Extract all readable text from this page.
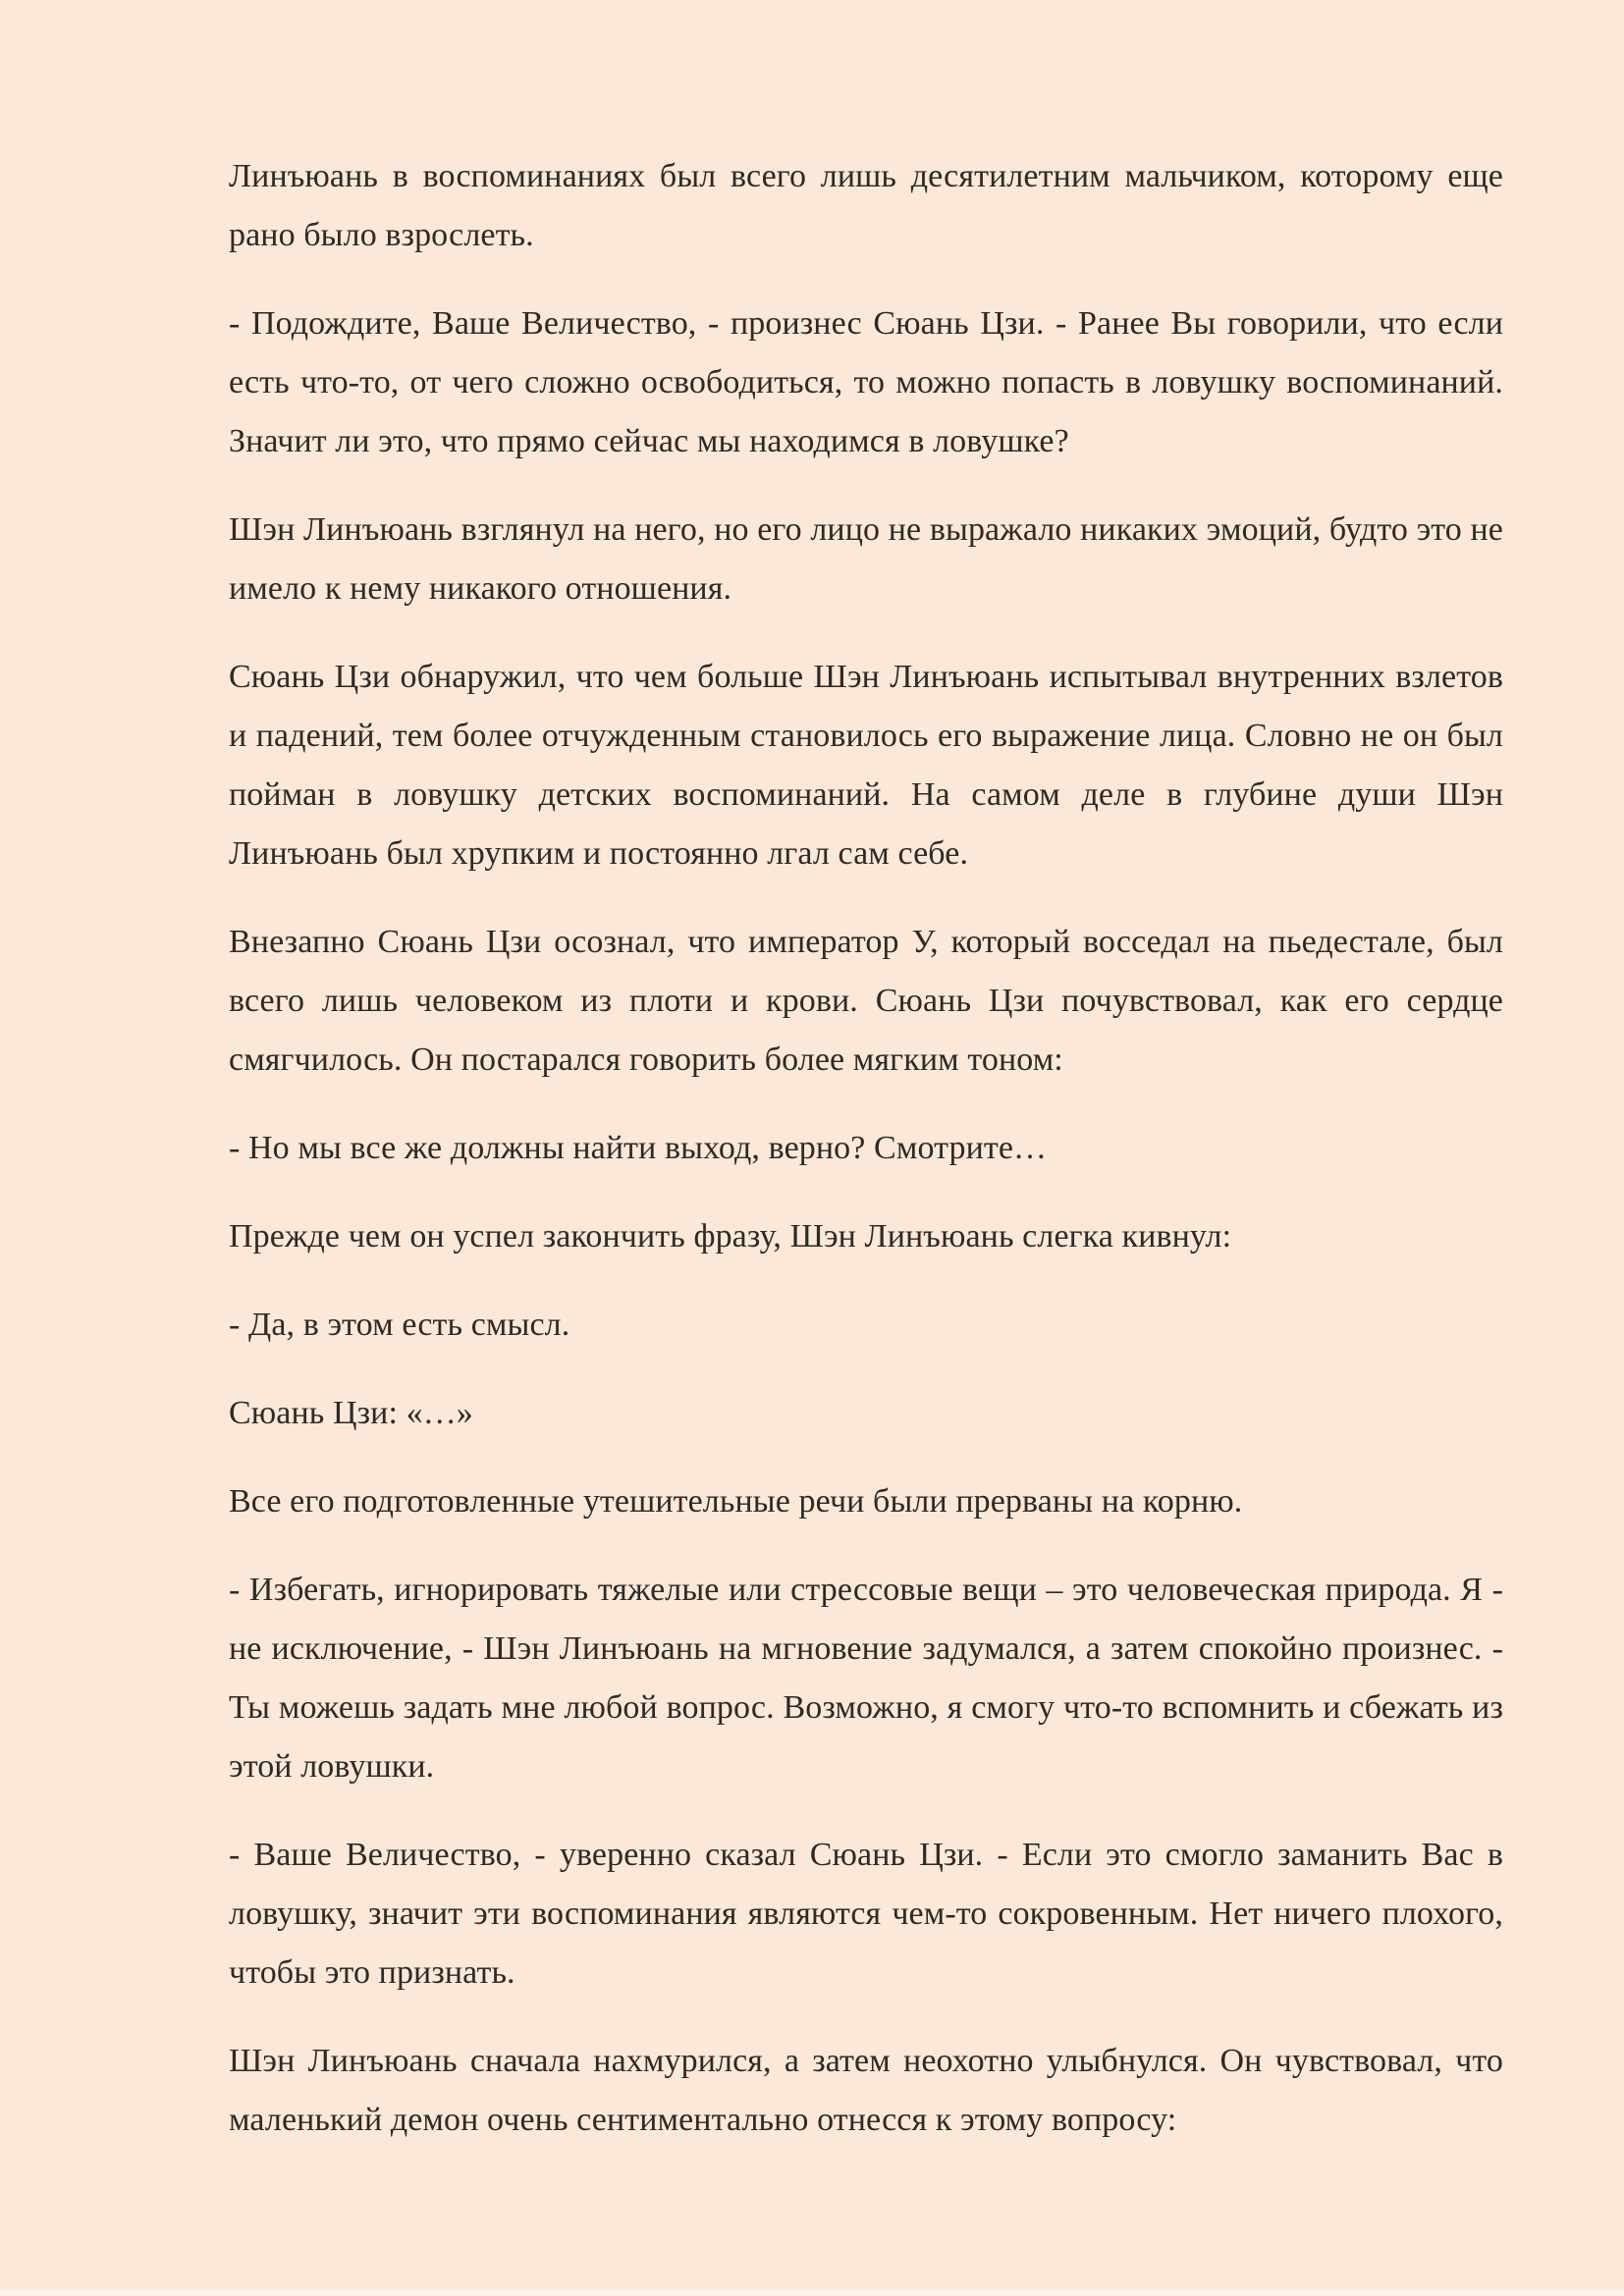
Линъюань в воспоминаниях был всего лишь десятилетним мальчиком, которому еще рано было взрослеть.

- Подождите, Ваше Величество, - произнес Сюань Цзи. - Ранее Вы говорили, что если есть что-то, от чего сложно освободиться, то можно попасть в ловушку воспоминаний. Значит ли это, что прямо сейчас мы находимся в ловушке?

Шэн Линъюань взглянул на него, но его лицо не выражало никаких эмоций, будто это не имело к нему никакого отношения.

Сюань Цзи обнаружил, что чем больше Шэн Линъюань испытывал внутренних взлетов и падений, тем более отчужденным становилось его выражение лица. Словно не он был пойман в ловушку детских воспоминаний. На самом деле в глубине души Шэн Линъюань был хрупким и постоянно лгал сам себе.

Внезапно Сюань Цзи осознал, что император У, который восседал на пьедестале, был всего лишь человеком из плоти и крови. Сюань Цзи почувствовал, как его сердце смягчилось. Он постарался говорить более мягким тоном:

- Но мы все же должны найти выход, верно? Смотрите…

Прежде чем он успел закончить фразу, Шэн Линъюань слегка кивнул:

- Да, в этом есть смысл.

Сюань Цзи: «…»

Все его подготовленные утешительные речи были прерваны на корню.

- Избегать, игнорировать тяжелые или стрессовые вещи – это человеческая природа. Я - не исключение, - Шэн Линъюань на мгновение задумался, а затем спокойно произнес. - Ты можешь задать мне любой вопрос. Возможно, я смогу что-то вспомнить и сбежать из этой ловушки.

- Ваше Величество, - уверенно сказал Сюань Цзи. - Если это смогло заманить Вас в ловушку, значит эти воспоминания являются чем-то сокровенным. Нет ничего плохого, чтобы это признать.

Шэн Линъюань сначала нахмурился, а затем неохотно улыбнулся. Он чувствовал, что маленький демон очень сентиментально отнесся к этому вопросу:
